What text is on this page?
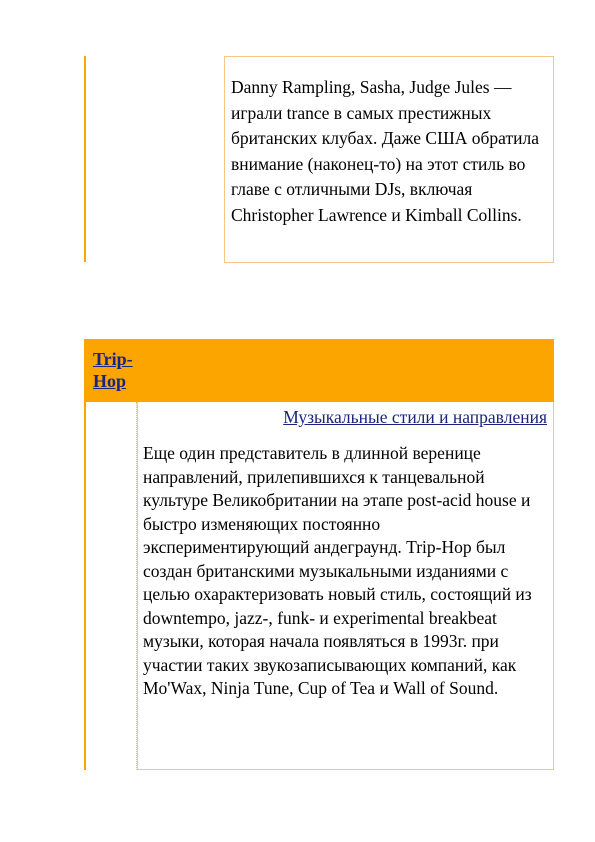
Danny Rampling, Sasha, Judge Jules — играли trance в самых престижных британских клубах. Даже США обратила внимание (наконец-то) на этот стиль во главе с отличными DJs, включая Christopher Lawrence и Kimball Collins.

Trip-Hop
Музыкальные стили и направления

Еще один представитель в длинной веренице направлений, прилепившихся к танцевальной культуре Великобритании на этапе post-acid house и быстро изменяющих постоянно экспериментирующий андеграунд. Trip-Hop был создан британскими музыкальными изданиями с целью охарактеризовать новый стиль, состоящий из downtempo, jazz-, funk- и experimental breakbeat музыки, которая начала появляться в 1993г. при участии таких звукозаписывающих компаний, как Mo'Wax, Ninja Tune, Cup of Tea и Wall of Sound.
